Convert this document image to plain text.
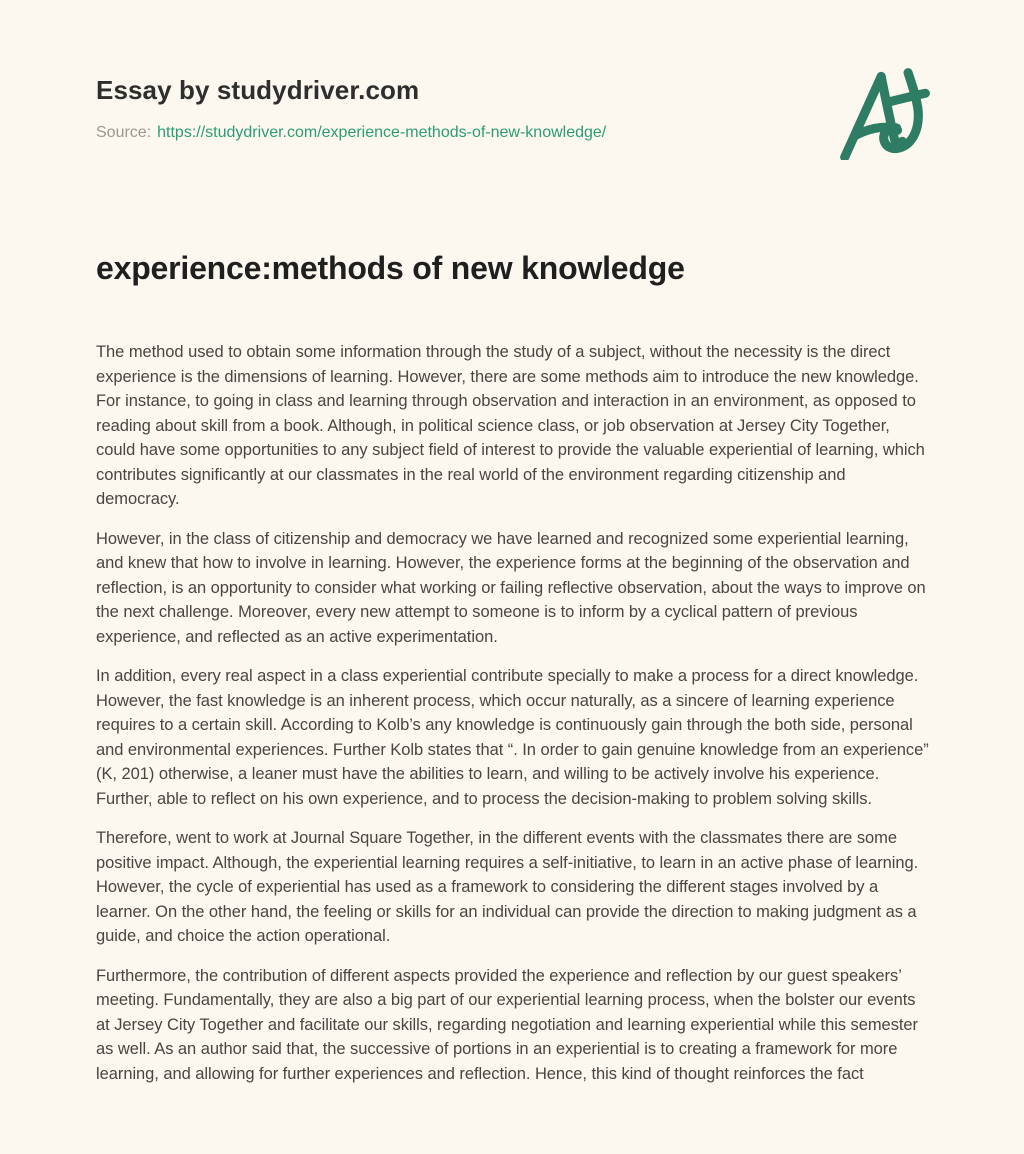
Essay by studydriver.com
Source: https://studydriver.com/experience-methods-of-new-knowledge/
experience:methods of new knowledge

The method used to obtain some information through the study of a subject, without the necessity is the direct experience is the dimensions of learning. However, there are some methods aim to introduce the new knowledge. For instance, to going in class and learning through observation and interaction in an environment, as opposed to reading about skill from a book. Although, in political science class, or job observation at Jersey City Together, could have some opportunities to any subject field of interest to provide the valuable experiential of learning, which contributes significantly at our classmates in the real world of the environment regarding citizenship and democracy.

However, in the class of citizenship and democracy we have learned and recognized some experiential learning, and knew that how to involve in learning. However, the experience forms at the beginning of the observation and reflection, is an opportunity to consider what working or failing reflective observation, about the ways to improve on the next challenge. Moreover, every new attempt to someone is to inform by a cyclical pattern of previous experience, and reflected as an active experimentation.

In addition, every real aspect in a class experiential contribute specially to make a process for a direct knowledge. However, the fast knowledge is an inherent process, which occur naturally, as a sincere of learning experience requires to a certain skill. According to Kolb’s any knowledge is continuously gain through the both side, personal and environmental experiences. Further Kolb states that “. In order to gain genuine knowledge from an experience” (K, 201) otherwise, a leaner must have the abilities to learn, and willing to be actively involve his experience. Further, able to reflect on his own experience, and to process the decision-making to problem solving skills.

Therefore, went to work at Journal Square Together, in the different events with the classmates there are some positive impact. Although, the experiential learning requires a self-initiative, to learn in an active phase of learning. However, the cycle of experiential has used as a framework to considering the different stages involved by a learner. On the other hand, the feeling or skills for an individual can provide the direction to making judgment as a guide, and choice the action operational.

Furthermore, the contribution of different aspects provided the experience and reflection by our guest speakers’ meeting. Fundamentally, they are also a big part of our experiential learning process, when the bolster our events at Jersey City Together and facilitate our skills, regarding negotiation and learning experiential while this semester as well. As an author said that, the successive of portions in an experiential is to creating a framework for more learning, and allowing for further experiences and reflection. Hence, this kind of thought reinforces the fact
